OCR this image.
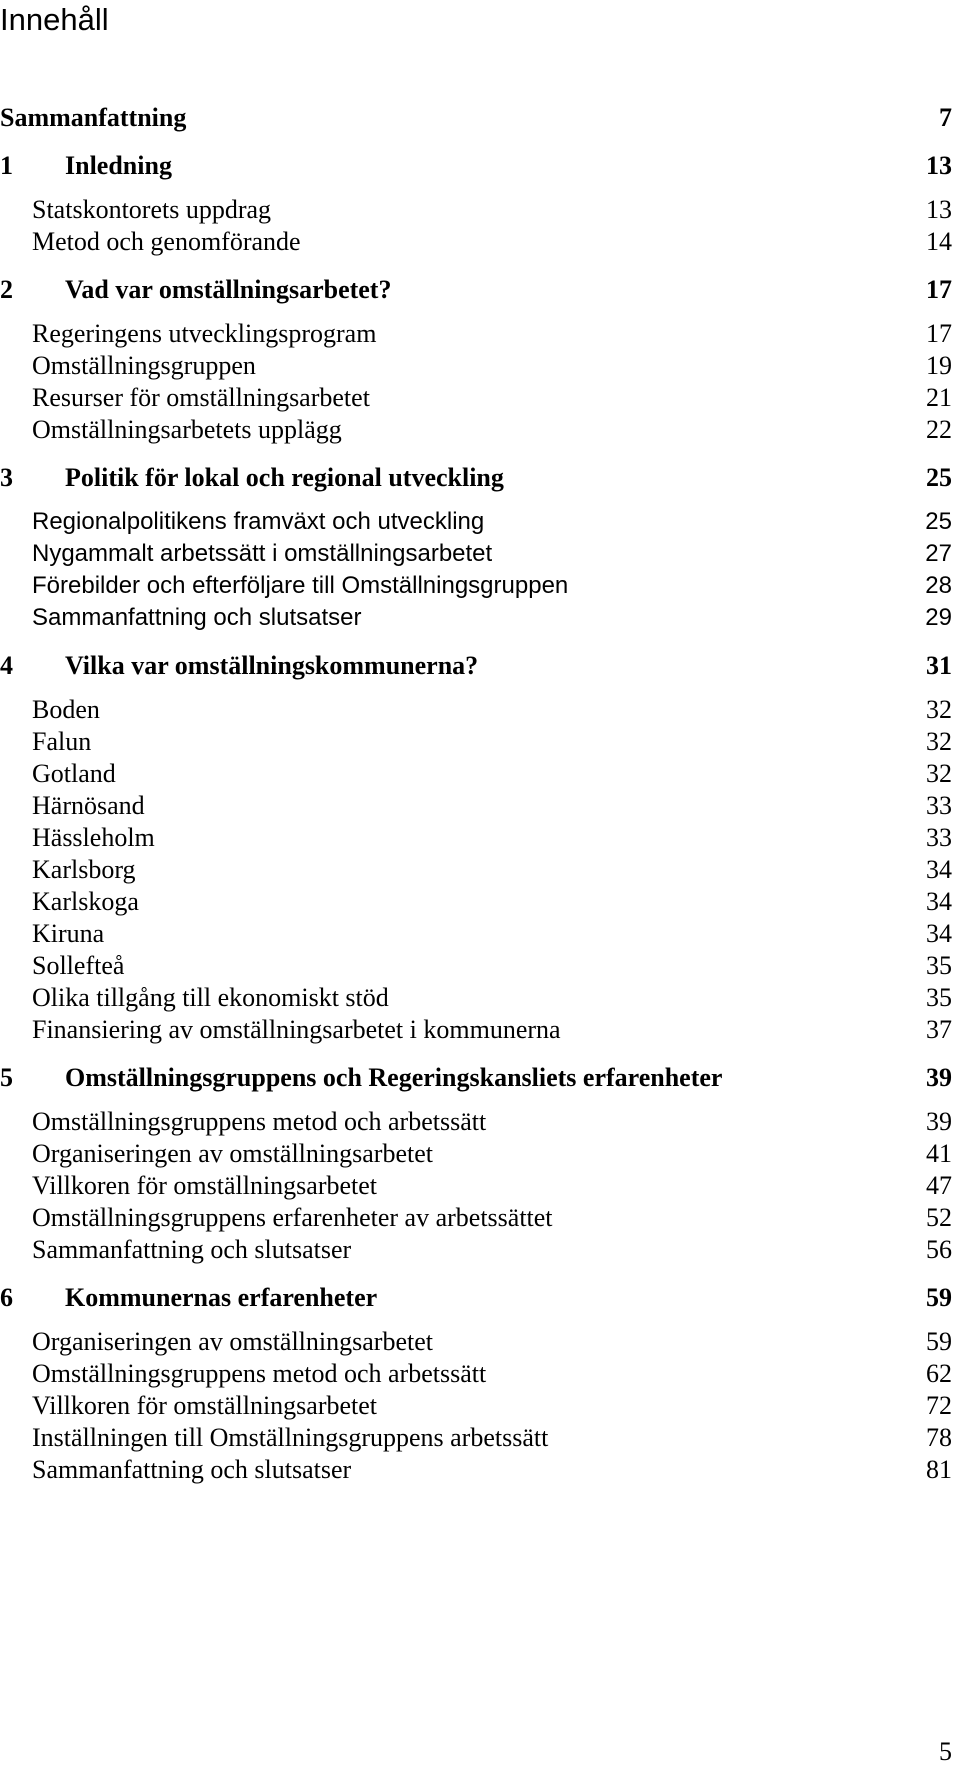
Innehåll
Sammanfattning	7
1 Inledning	13
Statskontorets uppdrag	13
Metod och genomförande	14
2 Vad var omställningsarbetet?	17
Regeringens utvecklingsprogram	17
Omställningsgruppen	19
Resurser för omställningsarbetet	21
Omställningsarbetets upplägg	22
3 Politik för lokal och regional utveckling	25
Regionalpolitikens framväxt och utveckling	25
Nygammalt arbetssätt i omställningsarbetet	27
Förebilder och efterföljare till Omställningsgruppen	28
Sammanfattning och slutsatser	29
4 Vilka var omställningskommunerna?	31
Boden	32
Falun	32
Gotland	32
Härnösand	33
Hässleholm	33
Karlsborg	34
Karlskoga	34
Kiruna	34
Sollefteå	35
Olika tillgång till ekonomiskt stöd	35
Finansiering av omställningsarbetet i kommunerna	37
5 Omställningsgruppens och Regeringskansliets erfarenheter	39
Omställningsgruppens metod och arbetssätt	39
Organiseringen av omställningsarbetet	41
Villkoren för omställningsarbetet	47
Omställningsgruppens erfarenheter av arbetssättet	52
Sammanfattning och slutsatser	56
6 Kommunernas erfarenheter	59
Organiseringen av omställningsarbetet	59
Omställningsgruppens metod och arbetssätt	62
Villkoren för omställningsarbetet	72
Inställningen till Omställningsgruppens arbetssätt	78
Sammanfattning och slutsatser	81
5
